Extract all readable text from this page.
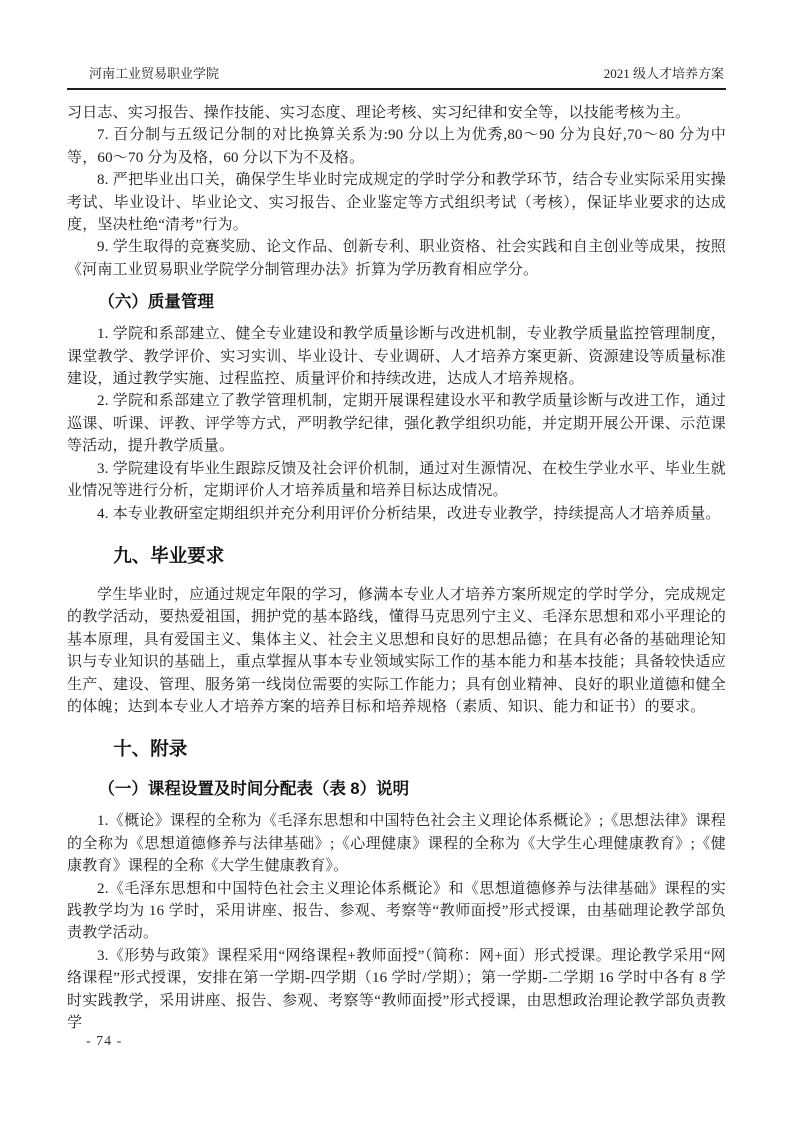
河南工业贸易职业学院	2021 级人才培养方案

习日志、实习报告、操作技能、实习态度、理论考核、实习纪律和安全等，以技能考核为主。

7. 百分制与五级记分制的对比换算关系为:90 分以上为优秀,80～90 分为良好,70～80 分为中等，60～70 分为及格，60 分以下为不及格。

8. 严把毕业出口关，确保学生毕业时完成规定的学时学分和教学环节，结合专业实际采用实操考试、毕业设计、毕业论文、实习报告、企业鉴定等方式组织考试（考核），保证毕业要求的达成度，坚决杜绝“清考”行为。

9. 学生取得的竞赛奖励、论文作品、创新专利、职业资格、社会实践和自主创业等成果，按照《河南工业贸易职业学院学分制管理办法》折算为学历教育相应学分。

（六）质量管理

1. 学院和系部建立、健全专业建设和教学质量诊断与改进机制，专业教学质量监控管理制度，课堂教学、教学评价、实习实训、毕业设计、专业调研、人才培养方案更新、资源建设等质量标准建设，通过教学实施、过程监控、质量评价和持续改进，达成人才培养规格。

2. 学院和系部建立了教学管理机制，定期开展课程建设水平和教学质量诊断与改进工作，通过巡课、听课、评教、评学等方式，严明教学纪律，强化教学组织功能，并定期开展公开课、示范课等活动，提升教学质量。

3. 学院建设有毕业生跟踪反馈及社会评价机制，通过对生源情况、在校生学业水平、毕业生就业情况等进行分析，定期评价人才培养质量和培养目标达成情况。

4. 本专业教研室定期组织并充分利用评价分析结果，改进专业教学，持续提高人才培养质量。

九、毕业要求

学生毕业时，应通过规定年限的学习，修满本专业人才培养方案所规定的学时学分，完成规定的教学活动，要热爱祖国，拥护党的基本路线，懂得马克思列宁主义、毛泽东思想和邓小平理论的基本原理，具有爱国主义、集体主义、社会主义思想和良好的思想品德；在具有必备的基础理论知识与专业知识的基础上，重点掌握从事本专业领域实际工作的基本能力和基本技能；具备较快适应生产、建设、管理、服务第一线岗位需要的实际工作能力；具有创业精神、良好的职业道德和健全的体魄；达到本专业人才培养方案的培养目标和培养规格（素质、知识、能力和证书）的要求。

十、附录
（一）课程设置及时间分配表（表 8）说明

1.《概论》课程的全称为《毛泽东思想和中国特色社会主义理论体系概论》;《思想法律》课程的全称为《思想道德修养与法律基础》;《心理健康》课程的全称为《大学生心理健康教育》;《健康教育》课程的全称《大学生健康教育》。

2.《毛泽东思想和中国特色社会主义理论体系概论》和《思想道德修养与法律基础》课程的实践教学均为 16 学时，采用讲座、报告、参观、考察等“教师面授”形式授课，由基础理论教学部负责教学活动。

3.《形势与政策》课程采用“网络课程+教师面授”（简称：网+面）形式授课。理论教学采用“网络课程”形式授课，安排在第一学期-四学期（16 学时/学期）；第一学期-二学期 16 学时中各有 8 学时实践教学，采用讲座、报告、参观、考察等“教师面授”形式授课，由思想政治理论教学部负责教学

- 74 -
